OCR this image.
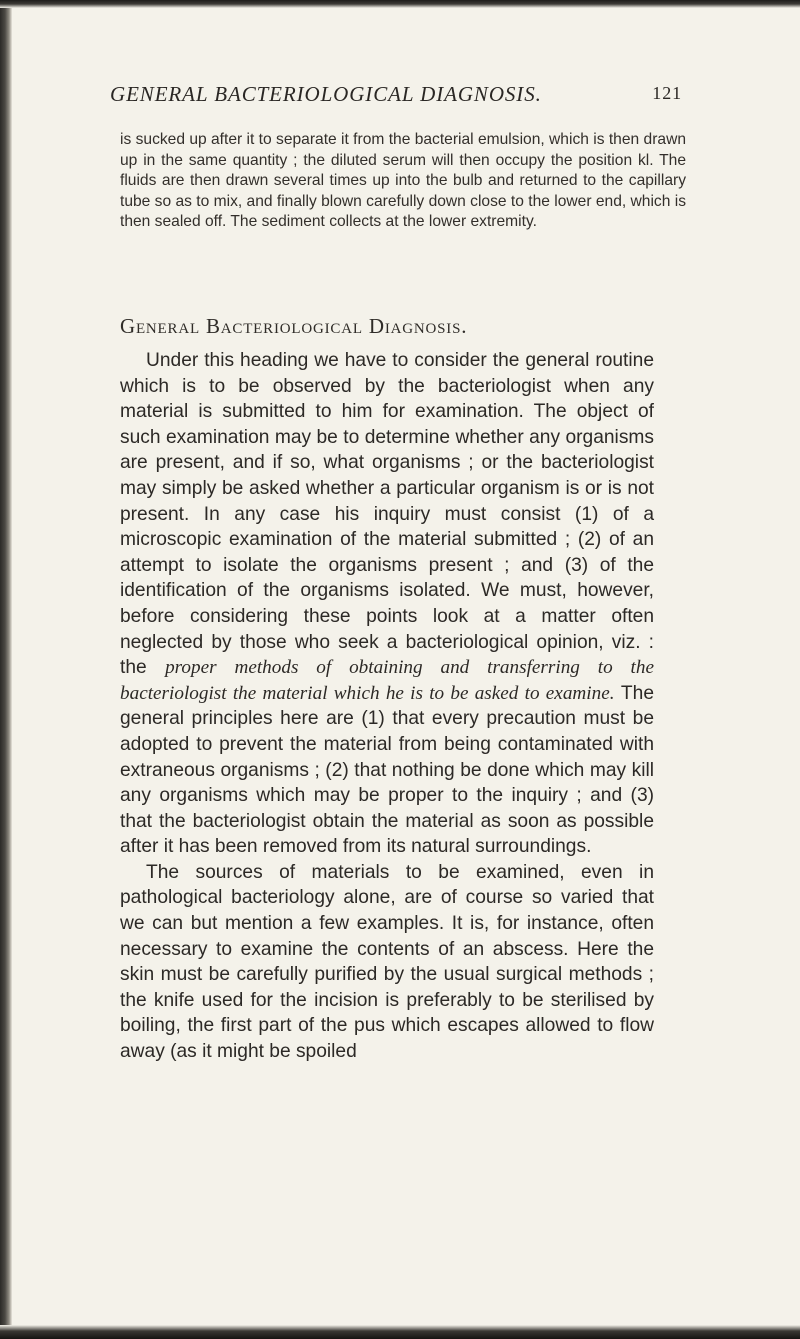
GENERAL BACTERIOLOGICAL DIAGNOSIS.	121
is sucked up after it to separate it from the bacterial emulsion, which is then drawn up in the same quantity ; the diluted serum will then occupy the position kl. The fluids are then drawn several times up into the bulb and returned to the capillary tube so as to mix, and finally blown carefully down close to the lower end, which is then sealed off. The sediment collects at the lower extremity.
General Bacteriological Diagnosis.

Under this heading we have to consider the general routine which is to be observed by the bacteriologist when any material is submitted to him for examination. The object of such examination may be to determine whether any organisms are present, and if so, what organisms ; or the bacteriologist may simply be asked whether a particular organism is or is not present. In any case his inquiry must consist (1) of a microscopic examination of the material submitted ; (2) of an attempt to isolate the organisms present ; and (3) of the identification of the organisms isolated. We must, however, before considering these points look at a matter often neglected by those who seek a bacteriological opinion, viz. : the proper methods of obtaining and transferring to the bacteriologist the material which he is to be asked to examine. The general principles here are (1) that every precaution must be adopted to prevent the material from being contaminated with extraneous organisms ; (2) that nothing be done which may kill any organisms which may be proper to the inquiry ; and (3) that the bacteriologist obtain the material as soon as possible after it has been removed from its natural surroundings.

The sources of materials to be examined, even in pathological bacteriology alone, are of course so varied that we can but mention a few examples. It is, for instance, often necessary to examine the contents of an abscess. Here the skin must be carefully purified by the usual surgical methods ; the knife used for the incision is preferably to be sterilised by boiling, the first part of the pus which escapes allowed to flow away (as it might be spoiled
